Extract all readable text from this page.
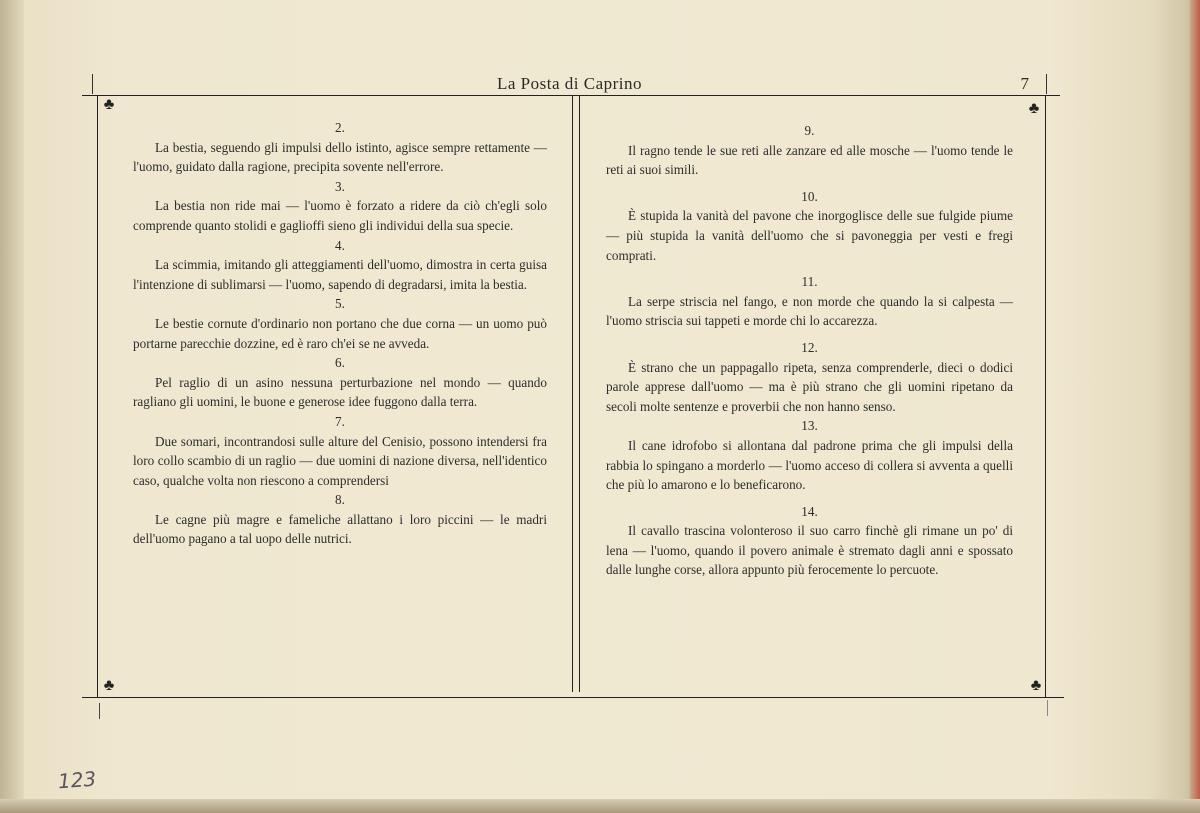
La Posta di Caprino	7
♣	♣
♣	♣

2.

La bestia, seguendo gli impulsi dello istinto, agisce sempre rettamente — l'uomo, guidato dalla ragione, precipita sovente nell'errore.

3.

La bestia non ride mai — l'uomo è forzato a ridere da ciò ch'egli solo comprende quanto stolidi e gaglioffi sieno gli individui della sua specie.

4.

La scimmia, imitando gli atteggiamenti dell'uomo, dimostra in certa guisa l'intenzione di sublimarsi — l'uomo, sapendo di degradarsi, imita la bestia.

5.

Le bestie cornute d'ordinario non portano che due corna — un uomo può portarne parecchie dozzine, ed è raro ch'ei se ne avveda.

6.

Pel raglio di un asino nessuna perturbazione nel mondo — quando ragliano gli uomini, le buone e generose idee fuggono dalla terra.

7.

Due somari, incontrandosi sulle alture del Cenisio, possono intendersi fra loro collo scambio di un raglio — due uomini di nazione diversa, nell'identico caso, qualche volta non riescono a comprendersi

8.

Le cagne più magre e fameliche allattano i loro piccini — le madri dell'uomo pagano a tal uopo delle nutrici.

9.

Il ragno tende le sue reti alle zanzare ed alle mosche — l'uomo tende le reti ai suoi simili.

10.

È stupida la vanità del pavone che inorgoglisce delle sue fulgide piume — più stupida la vanità dell'uomo che si pavoneggia per vesti e fregi comprati.

11.

La serpe striscia nel fango, e non morde che quando la si calpesta — l'uomo striscia sui tappeti e morde chi lo accarezza.

12.

È strano che un pappagallo ripeta, senza comprenderle, dieci o dodici parole apprese dall'uomo — ma è più strano che gli uomini ripetano da secoli molte sentenze e proverbii che non hanno senso.

13.

Il cane idrofobo si allontana dal padrone prima che gli impulsi della rabbia lo spingano a morderlo — l'uomo acceso di collera si avventa a quelli che più lo amarono e lo beneficarono.

14.

Il cavallo trascina volonteroso il suo carro finchè gli rimane un po' di lena — l'uomo, quando il povero animale è stremato dagli anni e spossato dalle lunghe corse, allora appunto più ferocemente lo percuote.

123
